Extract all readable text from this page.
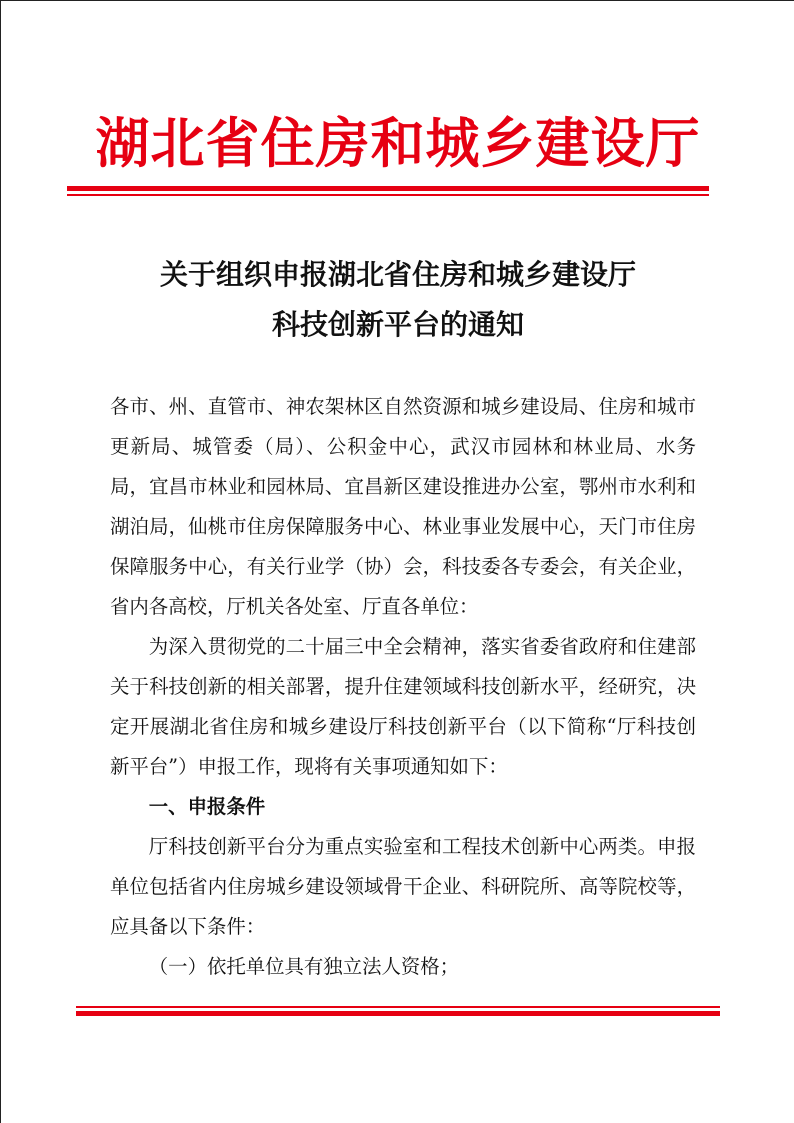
湖北省住房和城乡建设厅
关于组织申报湖北省住房和城乡建设厅
科技创新平台的通知

各市、州、直管市、神农架林区自然资源和城乡建设局、住房和城市更新局、城管委（局）、公积金中心，武汉市园林和林业局、水务局，宜昌市林业和园林局、宜昌新区建设推进办公室，鄂州市水利和湖泊局，仙桃市住房保障服务中心、林业事业发展中心，天门市住房保障服务中心，有关行业学（协）会，科技委各专委会，有关企业，省内各高校，厅机关各处室、厅直各单位：

为深入贯彻党的二十届三中全会精神，落实省委省政府和住建部关于科技创新的相关部署，提升住建领域科技创新水平，经研究，决定开展湖北省住房和城乡建设厅科技创新平台（以下简称“厅科技创新平台”）申报工作，现将有关事项通知如下：

一、申报条件

厅科技创新平台分为重点实验室和工程技术创新中心两类。申报单位包括省内住房城乡建设领域骨干企业、科研院所、高等院校等，应具备以下条件：

（一）依托单位具有独立法人资格；
